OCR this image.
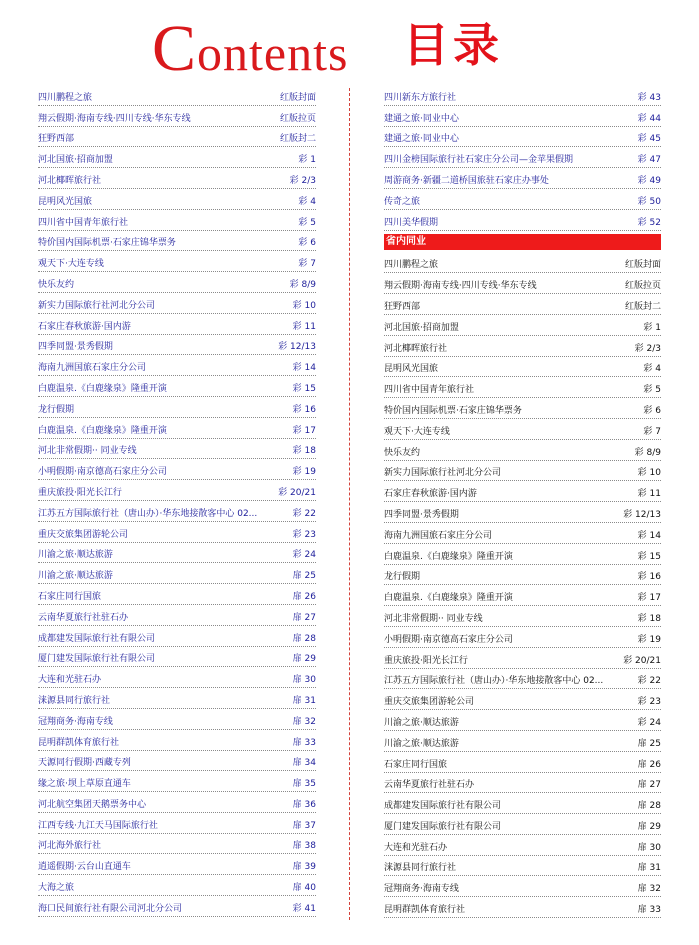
Contents 目录
四川鹏程之旅	红版封面
翔云假期·海南专线·四川专线·华东专线	红版拉页
狂野西部	红版封二
河北国旅·招商加盟	彩 1
河北椰晖旅行社	彩 2/3
昆明风光国旅	彩 4
四川省中国青年旅行社	彩 5
特价国内国际机票·石家庄锦华票务	彩 6
观天下·大连专线	彩 7
快乐友约	彩 8/9
新实力国际旅行社河北分公司	彩 10
石家庄春秋旅游·国内游	彩 11
四季同盟·景秀假期	彩 12/13
海南九洲国旅石家庄分公司	彩 14
白鹿温泉.《白鹿缘泉》隆重开演	彩 15
龙行假期	彩 16
白鹿温泉.《白鹿缘泉》隆重开演	彩 17
河北非常假期·· 同业专线	彩 18
小明假期·南京德高石家庄分公司	彩 19
重庆旅投·阳光长江行	彩 20/21
江苏五方国际旅行社（唐山办）·华东地接散客中心 02...	彩 22
重庆交旅集团游轮公司	彩 23
川渝之旅·顺达旅游	彩 24
川渝之旅·顺达旅游	扉 25
石家庄同行国旅	扉 26
云南华夏旅行社驻石办	扉 27
成都建发国际旅行社有限公司	扉 28
厦门建发国际旅行社有限公司	扉 29
大连和光驻石办	扉 30
涞源县同行旅行社	扉 31
冠翔商务·海南专线	扉 32
昆明群凯体育旅行社	扉 33
天源同行假期·西藏专列	扉 34
缘之旅·坝上草原直通车	扉 35
河北航空集团天鹅票务中心	扉 36
江西专线·九江天马国际旅行社	扉 37
河北海外旅行社	扉 38
逍遥假期·云台山直通车	扉 39
大海之旅	扉 40
海口民间旅行社有限公司河北分公司	彩 41
四川新东方旅行社	彩 43
建通之旅·同业中心	彩 44
建通之旅·同业中心	彩 45
四川金榜国际旅行社石家庄分公司—金苹果假期	彩 47
周游商务·新疆二道桥国旅驻石家庄办事处	彩 49
传奇之旅	彩 50
四川美华假期	彩 52
省内同业
四川鹏程之旅	红版封面
翔云假期·海南专线·四川专线·华东专线	红版拉页
狂野西部	红版封二
河北国旅·招商加盟	彩 1
河北椰晖旅行社	彩 2/3
昆明风光国旅	彩 4
四川省中国青年旅行社	彩 5
特价国内国际机票·石家庄锦华票务	彩 6
观天下·大连专线	彩 7
快乐友约	彩 8/9
新实力国际旅行社河北分公司	彩 10
石家庄春秋旅游·国内游	彩 11
四季同盟·景秀假期	彩 12/13
海南九洲国旅石家庄分公司	彩 14
白鹿温泉.《白鹿缘泉》隆重开演	彩 15
龙行假期	彩 16
白鹿温泉.《白鹿缘泉》隆重开演	彩 17
河北非常假期·· 同业专线	彩 18
小明假期·南京德高石家庄分公司	彩 19
重庆旅投·阳光长江行	彩 20/21
江苏五方国际旅行社（唐山办）·华东地接散客中心 02...	彩 22
重庆交旅集团游轮公司	彩 23
川渝之旅·顺达旅游	彩 24
川渝之旅·顺达旅游	扉 25
石家庄同行国旅	扉 26
云南华夏旅行社驻石办	扉 27
成都建发国际旅行社有限公司	扉 28
厦门建发国际旅行社有限公司	扉 29
大连和光驻石办	扉 30
涞源县同行旅行社	扉 31
冠翔商务·海南专线	扉 32
昆明群凯体育旅行社	扉 33
